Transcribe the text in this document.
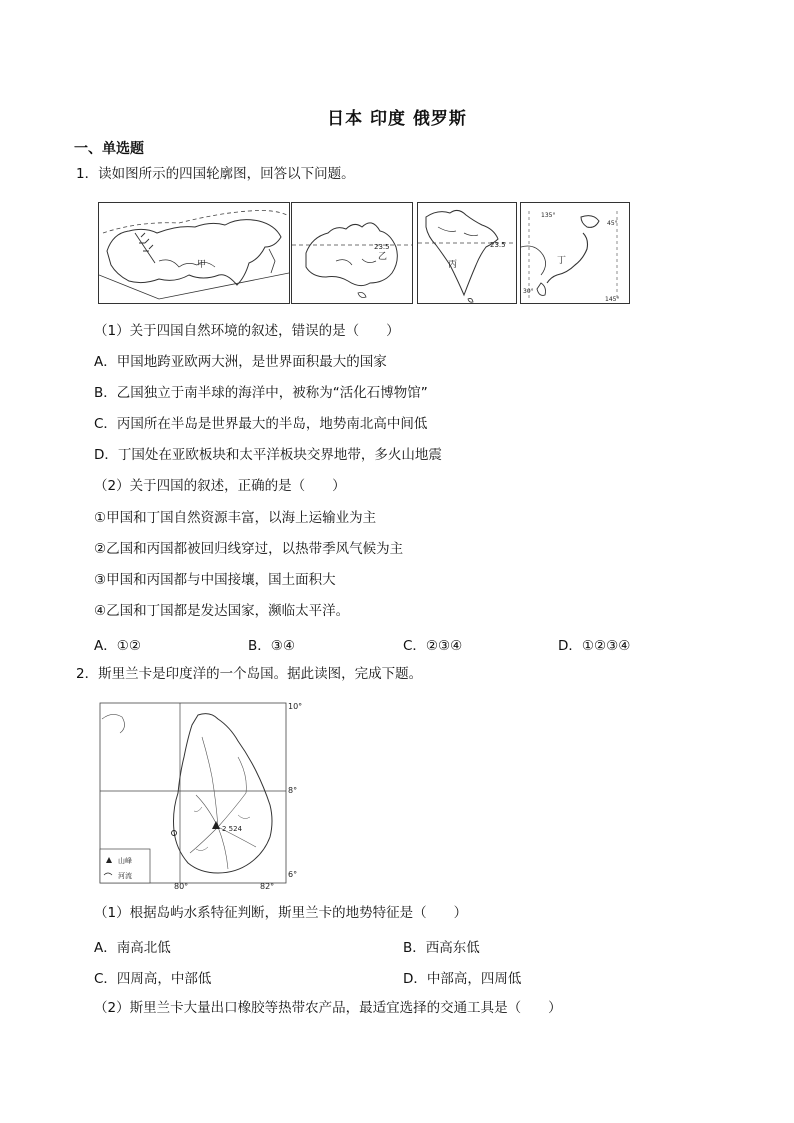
日本 印度 俄罗斯
一、单选题
1．读如图所示的四国轮廓图，回答以下问题。
甲
23.5
乙
23.5
丙
135°
145°
45°
30°
丁
（1）关于四国自然环境的叙述，错误的是（　　）
A．甲国地跨亚欧两大洲，是世界面积最大的国家
B．乙国独立于南半球的海洋中，被称为“活化石博物馆”
C．丙国所在半岛是世界最大的半岛，地势南北高中间低
D．丁国处在亚欧板块和太平洋板块交界地带，多火山地震
（2）关于四国的叙述，正确的是（　　）
①甲国和丁国自然资源丰富，以海上运输业为主
②乙国和丙国都被回归线穿过，以热带季风气候为主
③甲国和丙国都与中国接壤，国土面积大
④乙国和丁国都是发达国家，濒临太平洋。
A．①②	B．③④	C．②③④	D．①②③④
2．斯里兰卡是印度洋的一个岛国。据此读图，完成下题。
2 524
10°
8°
6°
80°	82°
山峰
河流
（1）根据岛屿水系特征判断，斯里兰卡的地势特征是（　　）
A．南高北低	B．西高东低
C．四周高，中部低	D．中部高，四周低
（2）斯里兰卡大量出口橡胶等热带农产品，最适宜选择的交通工具是（　　）
